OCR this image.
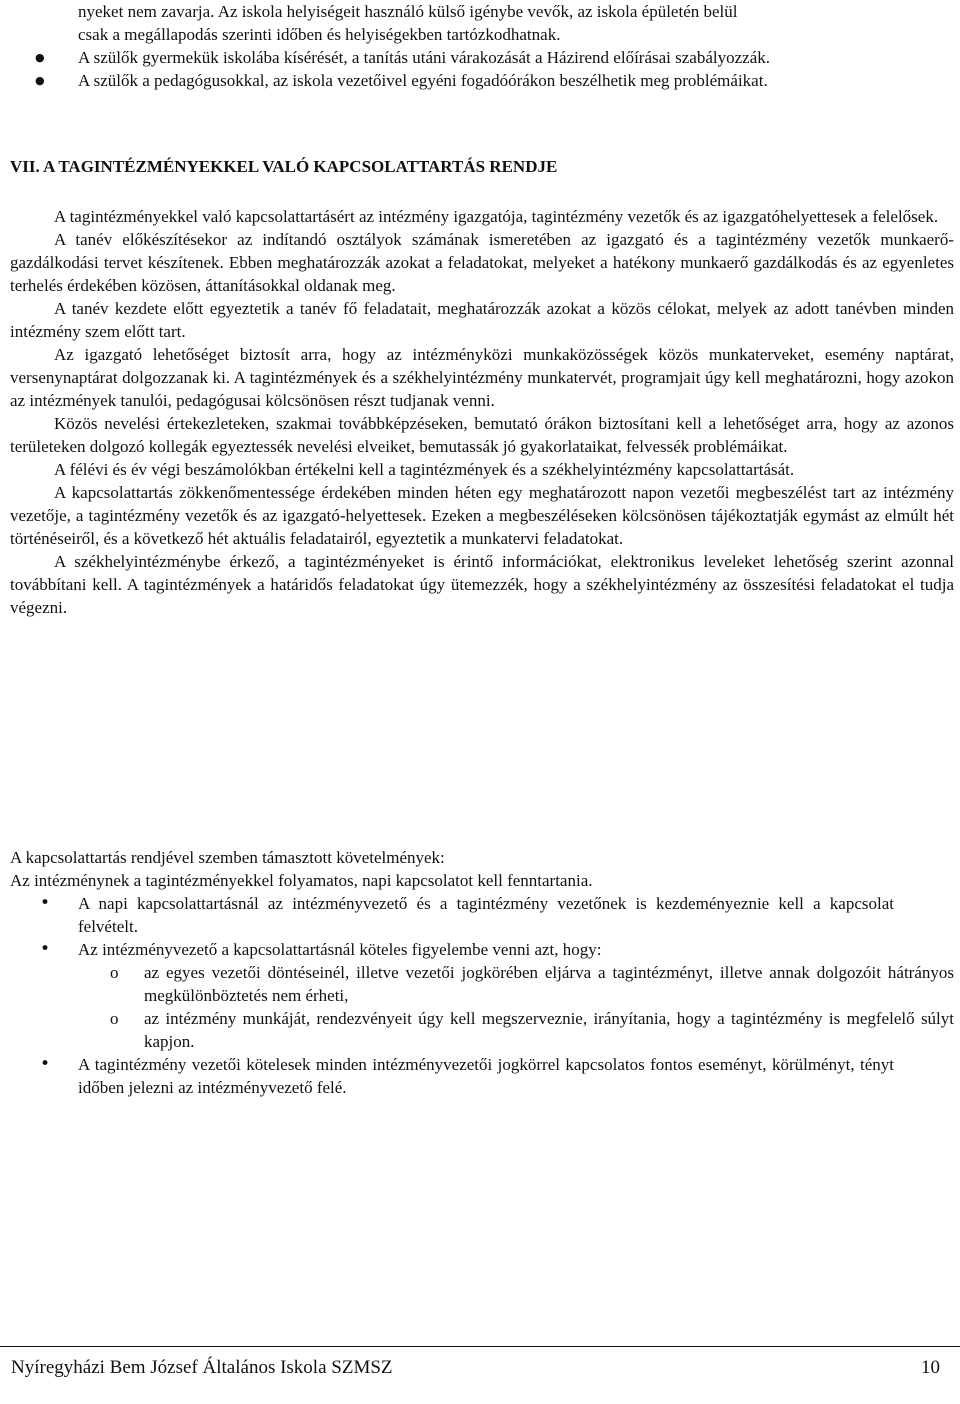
nyeket nem zavarja. Az iskola helyiségeit használó külső igénybe vevők, az iskola épületén belül

csak a megállapodás szerinti időben és helyiségekben tartózkodhatnak.

● A szülők gyermekük iskolába kísérését, a tanítás utáni várakozását a Házirend előírásai szabályozzák.
● A szülők a pedagógusokkal, az iskola vezetőivel egyéni fogadóórákon beszélhetik meg problémáikat.
VII. A TAGINTÉZMÉNYEKKEL VALÓ KAPCSOLATTARTÁS RENDJE

A tagintézményekkel való kapcsolattartásért az intézmény igazgatója, tagintézmény vezetők és az igazgatóhelyettesek a felelősek.

A tanév előkészítésekor az indítandó osztályok számának ismeretében az igazgató és a tagintézmény vezetők munkaerő-gazdálkodási tervet készítenek. Ebben meghatározzák azokat a feladatokat, melyeket a hatékony munkaerő gazdálkodás és az egyenletes terhelés érdekében közösen, áttanításokkal oldanak meg.

A tanév kezdete előtt egyeztetik a tanév fő feladatait, meghatározzák azokat a közös célokat, melyek az adott tanévben minden intézmény szem előtt tart.

Az igazgató lehetőséget biztosít arra, hogy az intézményközi munkaközösségek közös munkaterveket, esemény naptárat, versenynaptárat dolgozzanak ki. A tagintézmények és a székhelyintézmény munkatervét, programjait úgy kell meghatározni, hogy azokon az intézmények tanulói, pedagógusai kölcsönösen részt tudjanak venni.

Közös nevelési értekezleteken, szakmai továbbképzéseken, bemutató órákon biztosítani kell a lehetőséget arra, hogy az azonos területeken dolgozó kollegák egyeztessék nevelési elveiket, bemutassák jó gyakorlataikat, felvessék problémáikat.

A félévi és év végi beszámolókban értékelni kell a tagintézmények és a székhelyintézmény kapcsolattartását.

A kapcsolattartás zökkenőmentessége érdekében minden héten egy meghatározott napon vezetői megbeszélést tart az intézmény vezetője, a tagintézmény vezetők és az igazgató-helyettesek. Ezeken a megbeszéléseken kölcsönösen tájékoztatják egymást az elmúlt hét történéseiről, és a következő hét aktuális feladatairól, egyeztetik a munkatervi feladatokat.

A székhelyintézménybe érkező, a tagintézményeket is érintő információkat, elektronikus leveleket lehetőség szerint azonnal továbbítani kell. A tagintézmények a határidős feladatokat úgy ütemezzék, hogy a székhelyintézmény az összesítési feladatokat el tudja végezni.

A kapcsolattartás rendjével szemben támasztott követelmények:

Az intézménynek a tagintézményekkel folyamatos, napi kapcsolatot kell fenntartania.

• A napi kapcsolattartásnál az intézményvezető és a tagintézmény vezetőnek is kezdeményeznie kell a kapcsolat felvételt.
• Az intézményvezető a kapcsolattartásnál köteles figyelembe venni azt, hogy:
o az egyes vezetői döntéseinél, illetve vezetői jogkörében eljárva a tagintézményt, illetve annak dolgozóit hátrányos megkülönböztetés nem érheti,
o az intézmény munkáját, rendezvényeit úgy kell megszerveznie, irányítania, hogy a tagintézmény is megfelelő súlyt kapjon.
• A tagintézmény vezetői kötelesek minden intézményvezetői jogkörrel kapcsolatos fontos eseményt, körülményt, tényt időben jelezni az intézményvezető felé.
Nyíregyházi Bem József Általános Iskola SZMSZ	10
